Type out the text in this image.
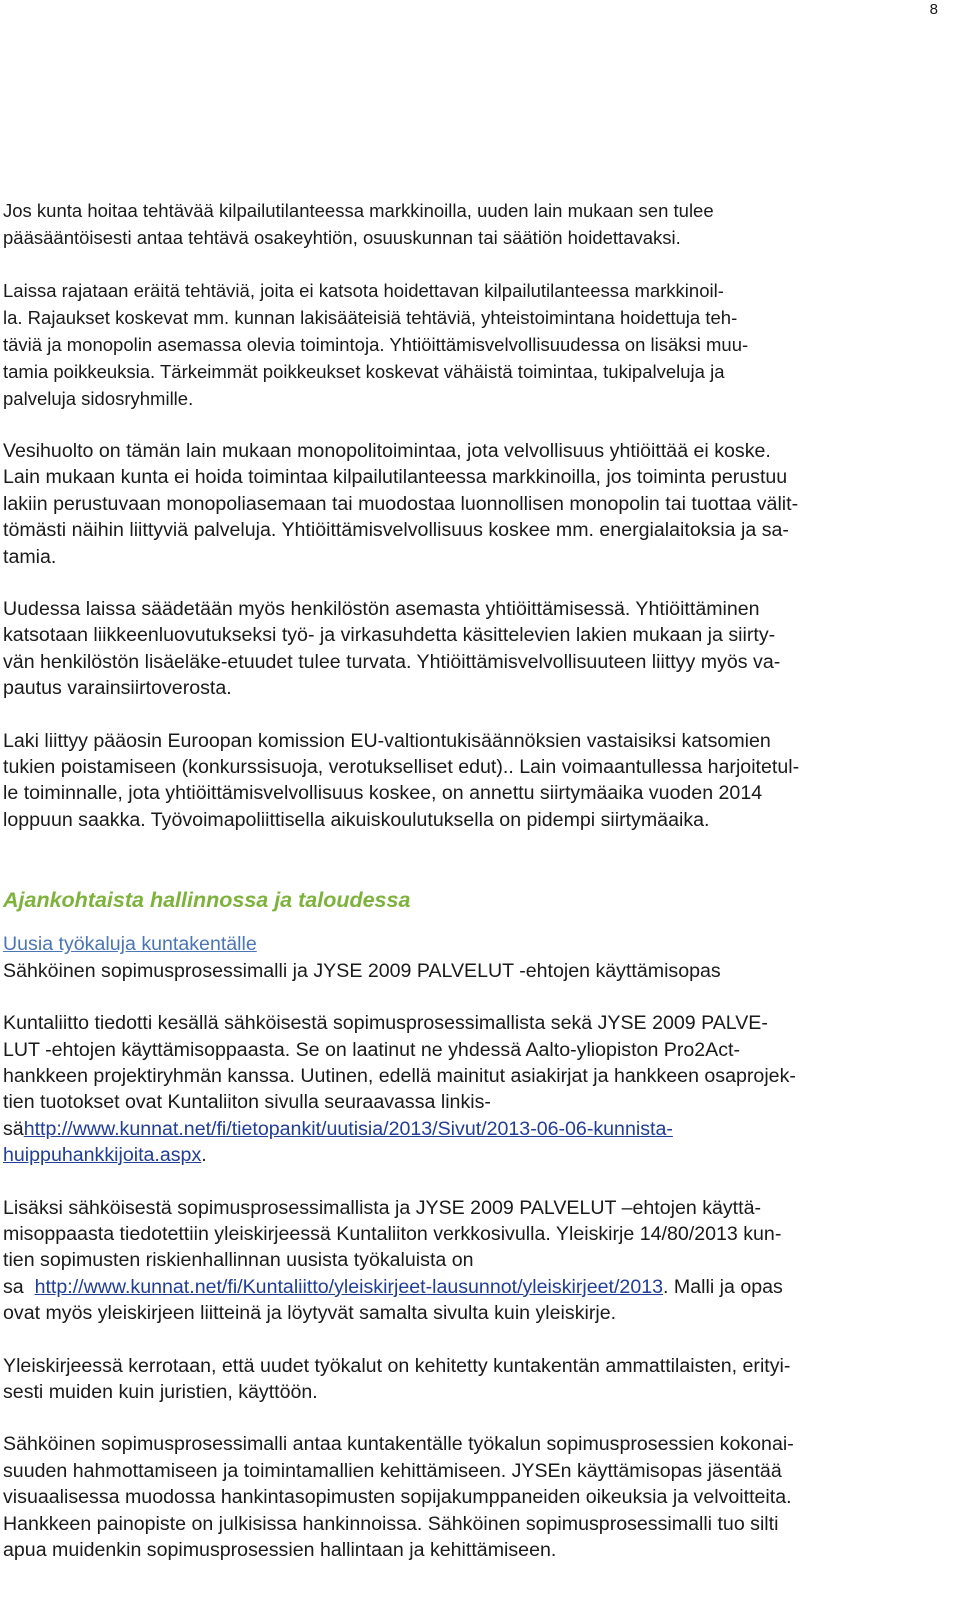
8

Jos kunta hoitaa tehtävää kilpailutilanteessa markkinoilla, uuden lain mukaan sen tulee
pääsääntöisesti antaa tehtävä osakeyhtiön, osuuskunnan tai säätiön hoidettavaksi.

Laissa rajataan eräitä tehtäviä, joita ei katsota hoidettavan kilpailutilanteessa markkinoil-
la. Rajaukset koskevat mm. kunnan lakisääteisiä tehtäviä, yhteistoimintana hoidettuja teh-
täviä ja monopolin asemassa olevia toimintoja. Yhtiöittämisvelvollisuudessa on lisäksi muu-
tamia poikkeuksia. Tärkeimmät poikkeukset koskevat vähäistä toimintaa, tukipalveluja ja
palveluja sidosryhmille.

Vesihuolto on tämän lain mukaan monopolitoimintaa, jota velvollisuus yhtiöittää ei koske.
Lain mukaan kunta ei hoida toimintaa kilpailutilanteessa markkinoilla, jos toiminta perustuu
lakiin perustuvaan monopoliasemaan tai muodostaa luonnollisen monopolin tai tuottaa välit-
tömästi näihin liittyviä palveluja. Yhtiöittämisvelvollisuus koskee mm. energialaitoksia ja sa-
tamia.

Uudessa laissa säädetään myös henkilöstön asemasta yhtiöittämisessä. Yhtiöittäminen
katsotaan liikkeenluovutukseksi työ- ja virkasuhdetta käsittelevien lakien mukaan ja siirty-
vän henkilöstön lisäeläke-etuudet tulee turvata. Yhtiöittämisvelvollisuuteen liittyy myös va-
pautus varainsiirtoverosta.

Laki liittyy pääosin Euroopan komission EU-valtiontukisäännöksien vastaisiksi katsomien
tukien poistamiseen (konkurssisuoja, verotukselliset edut).. Lain voimaantullessa harjoitetul-
le toiminnalle, jota yhtiöittämisvelvollisuus koskee, on annettu siirtymäaika vuoden 2014
loppuun saakka. Työvoimapoliittisella aikuiskoulutuksella on pidempi siirtymäaika.

Ajankohtaista hallinnossa ja taloudessa

Uusia työkaluja kuntakentälle
Sähköinen sopimusprosessimalli ja JYSE 2009 PALVELUT -ehtojen käyttämisopas

Kuntaliitto tiedotti kesällä sähköisestä sopimusprosessimallista sekä JYSE 2009 PALVE-
LUT -ehtojen käyttämisoppaasta. Se on laatinut ne yhdessä Aalto-yliopiston Pro2Act-
hankkeen projektiryhmän kanssa. Uutinen, edellä mainitut asiakirjat ja hankkeen osaprojek-
tien tuotokset ovat Kuntaliiton sivulla seuraavassa linkis-
sähttp://www.kunnat.net/fi/tietopankit/uutisia/2013/Sivut/2013-06-06-kunnista-
huippuhankkijoita.aspx.

Lisäksi sähköisestä sopimusprosessimallista ja JYSE 2009 PALVELUT –ehtojen käyttä-
misoppaasta tiedotettiin yleiskirjeessä Kuntaliiton verkkosivulla. Yleiskirje 14/80/2013 kun-
tien sopimusten riskienhallinnan uusista työkaluista on
sa  http://www.kunnat.net/fi/Kuntaliitto/yleiskirjeet-lausunnot/yleiskirjeet/2013. Malli ja opas
ovat myös yleiskirjeen liitteinä ja löytyvät samalta sivulta kuin yleiskirje.

Yleiskirjeessä kerrotaan, että uudet työkalut on kehitetty kuntakentän ammattilaisten, erityi-
sesti muiden kuin juristien, käyttöön.

Sähköinen sopimusprosessimalli antaa kuntakentälle työkalun sopimusprosessien kokonai-
suuden hahmottamiseen ja toimintamallien kehittämiseen. JYSEn käyttämisopas jäsentää
visuaalisessa muodossa hankintasopimusten sopijakumppaneiden oikeuksia ja velvoitteita.
Hankkeen painopiste on julkisissa hankinnoissa. Sähköinen sopimusprosessimalli tuo silti
apua muidenkin sopimusprosessien hallintaan ja kehittämiseen.
